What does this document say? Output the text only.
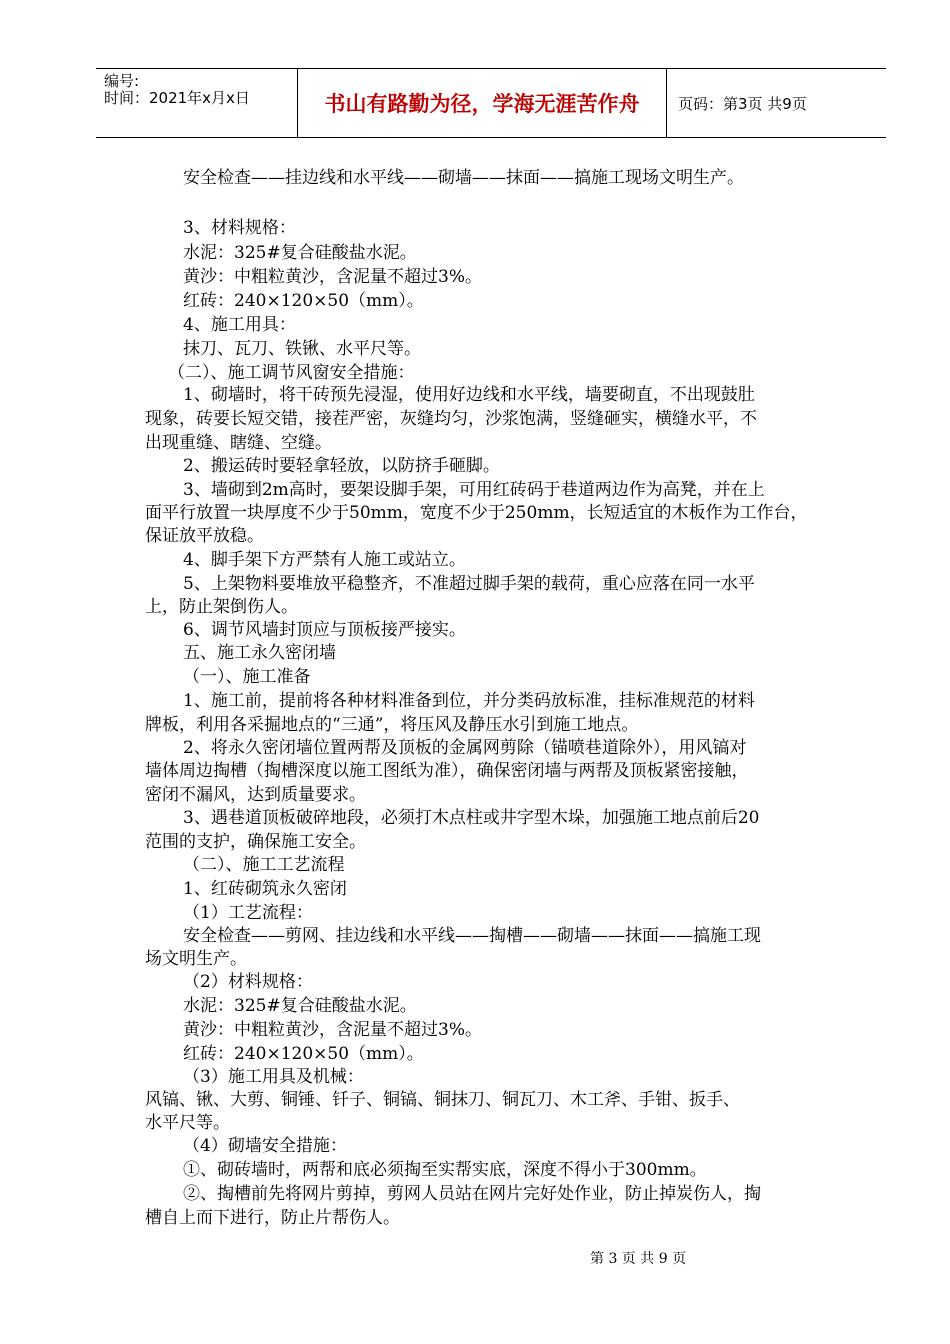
编号:
时间：2021年x月x日	书山有路勤为径，学海无涯苦作舟	页码：第3页 共9页
安全检查——挂边线和水平线——砌墙——抹面——搞施工现场文明生产。
3、材料规格：
水泥：325#复合硅酸盐水泥。
黄沙：中粗粒黄沙，含泥量不超过3%。
红砖：240×120×50（mm）。
4、施工用具：
抹刀、瓦刀、铁锹、水平尺等。
（二）、施工调节风窗安全措施：
1、砌墙时，将干砖预先浸湿，使用好边线和水平线，墙要砌直，不出现鼓肚
现象，砖要长短交错，接茬严密，灰缝均匀，沙浆饱满，竖缝砸实，横缝水平，不
出现重缝、瞎缝、空缝。
2、搬运砖时要轻拿轻放，以防挤手砸脚。
3、墙砌到2m高时，要架设脚手架，可用红砖码于巷道两边作为高凳，并在上
面平行放置一块厚度不少于50mm，宽度不少于250mm，长短适宜的木板作为工作台，
保证放平放稳。
4、脚手架下方严禁有人施工或站立。
5、上架物料要堆放平稳整齐，不准超过脚手架的载荷，重心应落在同一水平
上，防止架倒伤人。
6、调节风墙封顶应与顶板接严接实。
五、施工永久密闭墙
（一）、施工准备
1、施工前，提前将各种材料准备到位，并分类码放标准，挂标准规范的材料
牌板，利用各采掘地点的“三通”，将压风及静压水引到施工地点。
2、将永久密闭墙位置两帮及顶板的金属网剪除（锚喷巷道除外），用风镐对
墙体周边掏槽（掏槽深度以施工图纸为准），确保密闭墙与两帮及顶板紧密接触，
密闭不漏风，达到质量要求。
3、遇巷道顶板破碎地段，必须打木点柱或井字型木垛，加强施工地点前后20
范围的支护，确保施工安全。
（二）、施工工艺流程
1、红砖砌筑永久密闭
（1）工艺流程：
安全检查——剪网、挂边线和水平线——掏槽——砌墙——抹面——搞施工现
场文明生产。
（2）材料规格：
水泥：325#复合硅酸盐水泥。
黄沙：中粗粒黄沙，含泥量不超过3%。
红砖：240×120×50（mm）。
（3）施工用具及机械：
风镐、锹、大剪、铜锤、钎子、铜镐、铜抹刀、铜瓦刀、木工斧、手钳、扳手、
水平尺等。
（4）砌墙安全措施：
①、砌砖墙时，两帮和底必须掏至实帮实底，深度不得小于300mm。
②、掏槽前先将网片剪掉，剪网人员站在网片完好处作业，防止掉炭伤人，掏
槽自上而下进行，防止片帮伤人。
第 3 页 共 9 页
